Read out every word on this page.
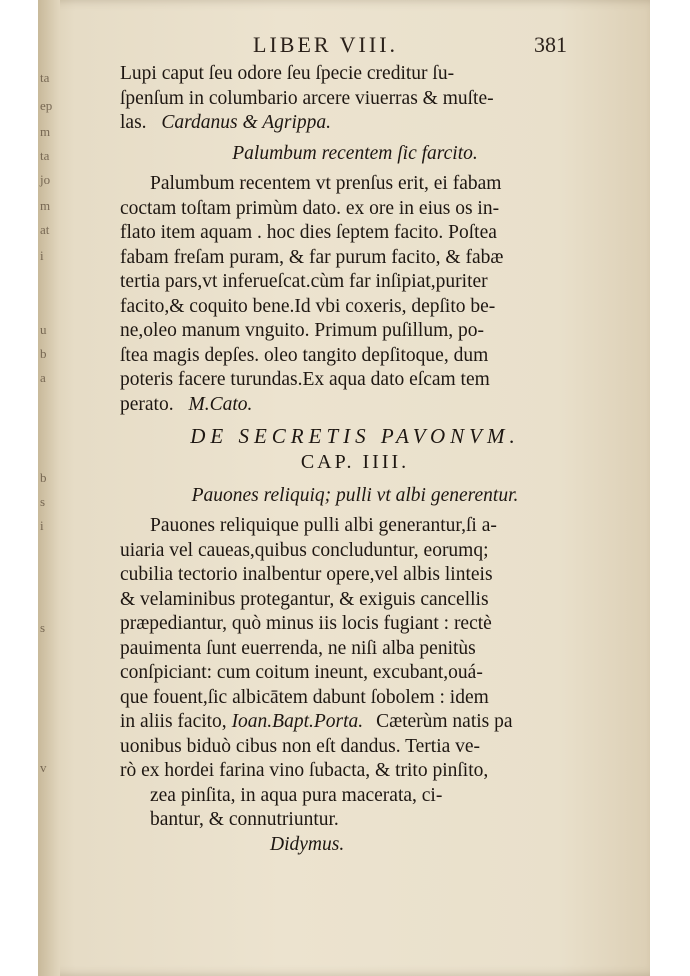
ta
ep
m
ta
jo
m
at
i
u
b
a
b
s
i
s
v
LIBER VIII.	381
Lupi caput ſeu odore ſeu ſpecie creditur ſu-
ſpenſum in columbario arcere viuerras & muſte-
las. Cardanus & Agrippa.
Palumbum recentem ſic farcito.
Palumbum recentem vt prenſus erit, ei fabam
coctam toſtam primùm dato. ex ore in eius os in-
flato item aquam . hoc dies ſeptem facito. Poſtea
fabam freſam puram, & far purum facito, & fabæ
tertia pars,vt inferueſcat.cùm far inſipiat,puriter
facito,& coquito bene.Id vbi coxeris, depſito be-
ne,oleo manum vnguito. Primum puſillum, po-
ſtea magis depſes. oleo tangito depſitoque, dum
poteris facere turundas.Ex aqua dato eſcam tem
perato. M.Cato.
DE SECRETIS PAVONVM.
CAP. IIII.
Pauones reliquiq; pulli vt albi generentur.
Pauones reliquique pulli albi generantur,ſi a-
uiaria vel caueas,quibus concluduntur, eorumq;
cubilia tectorio inalbentur opere,vel albis linteis
& velaminibus protegantur, & exiguis cancellis
præpediantur, quò minus iis locis fugiant : rectè
pauimenta ſunt euerrenda, ne niſi alba penitùs
conſpiciant: cum coitum ineunt, excubant,ouá-
que fouent,ſic albicātem dabunt ſobolem : idem
in aliis facito, Ioan.Bapt.Porta. Cæterùm natis pa
uonibus biduò cibus non eſt dandus. Tertia ve-
rò ex hordei farina vino ſubacta, & trito pinſito,
zea pinſita, in aqua pura macerata, ci-
bantur, & connutriuntur.
Didymus.
